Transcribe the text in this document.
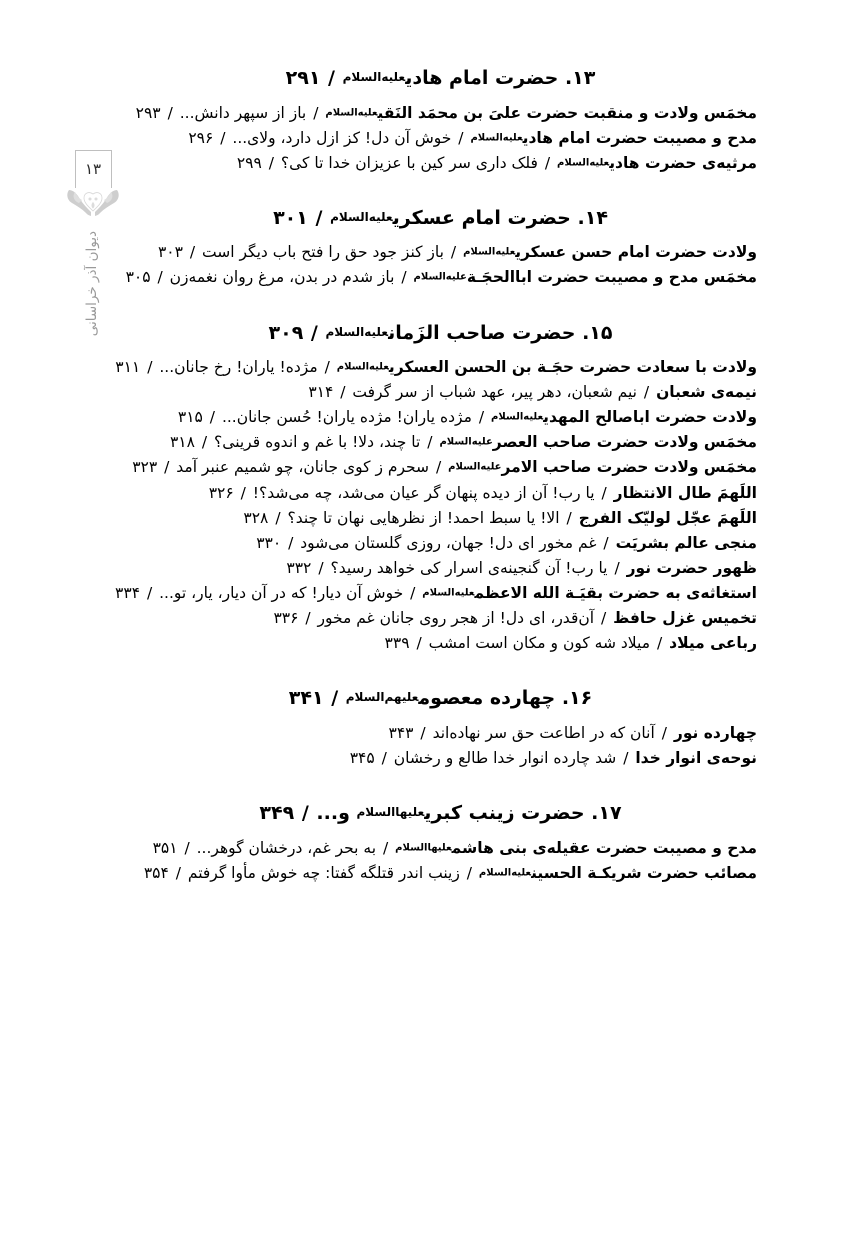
۱۳
دیوان آذر خراسانی
۱۳. حضرت امام هادیعلیه‌السلام / ۲۹۱
مخمَس ولادت و منقبت حضرت علیَ بن محمَد النَقیعلیه‌السلام / باز از سپهر دانش... / ۲۹۳
مدح و مصیبت حضرت امام هادیعلیه‌السلام / خوش آن دل! کز ازل دارد، ولای... / ۲۹۶
مرثیه‌ی حضرت هادیعلیه‌السلام / فلک داری سر کین با عزیزان خدا تا کی؟ / ۲۹۹
۱۴. حضرت امام عسکریعلیه‌السلام / ۳۰۱
ولادت حضرت امام حسن عسکریعلیه‌السلام / باز کنز جود حق را فتح باب دیگر است / ۳۰۳
مخمَس مدح و مصیبت حضرت اباالحجَـةعلیه‌السلام / باز شدم در بدن، مرغ روان نغمه‌زن / ۳۰۵
۱۵. حضرت صاحب الزَمانعلیه‌السلام / ۳۰۹
ولادت با سعادت حضرت حجَـة بن الحسن العسکریعلیه‌السلام / مژده! یاران! رخ جانان... / ۳۱۱
نیمه‌ی شعبان / نیم شعبان، دهر پیر، عهد شباب از سر گرفت / ۳۱۴
ولادت حضرت اباصالح المهدیعلیه‌السلام / مژده یاران! مژده یاران! حُسن جانان... / ۳۱۵
مخمَس ولادت حضرت صاحب العصرعلیه‌السلام / تا چند، دلا! با غم و اندوه قرینی؟ / ۳۱۸
مخمَس ولادت حضرت صاحب الامرعلیه‌السلام / سحرم ز کوی جانان، چو شمیم عنبر آمد / ۳۲۳
اللَهمَ طال الانتظار / یا رب! آن از دیده پنهان گر عیان می‌شد، چه می‌شد؟! / ۳۲۶
اللَهمَ عجّل لولیّک الفرج / الا! یا سبط احمد! از نظرهایی نهان تا چند؟ / ۳۲۸
منجی عالم بشریَت / غم مخور ای دل! جهان، روزی گلستان می‌شود / ۳۳۰
ظهور حضرت نور / یا رب! آن گنجینه‌ی اسرار کی خواهد رسید؟ / ۳۳۲
استغاثه‌ی به حضرت بقیَـة الله الاعظمعلیه‌السلام / خوش آن دیار! که در آن دیار، یار، تو... / ۳۳۴
تخمیس غزل حافظ / آن‌قدر، ای دل! از هجر روی جانان غم مخور / ۳۳۶
رباعی میلاد / میلاد شه کون و مکان است امشب / ۳۳۹
۱۶. چهارده معصومعلیهم‌السلام / ۳۴۱
چهارده نور / آنان که در اطاعت حق سر نهاده‌اند / ۳۴۳
نوحه‌ی انوار خدا / شد چارده انوار خدا طالع و رخشان / ۳۴۵
۱۷. حضرت زینب کبریعلیهاالسلام و... / ۳۴۹
مدح و مصیبت حضرت عقیله‌ی بنی هاشمعلیهاالسلام / به بحر غم، درخشان گوهر... / ۳۵۱
مصائب حضرت شریکـة الحسینعلیه‌السلام / زینب اندر قتلگه گفتا: چه خوش مأوا گرفتم / ۳۵۴
